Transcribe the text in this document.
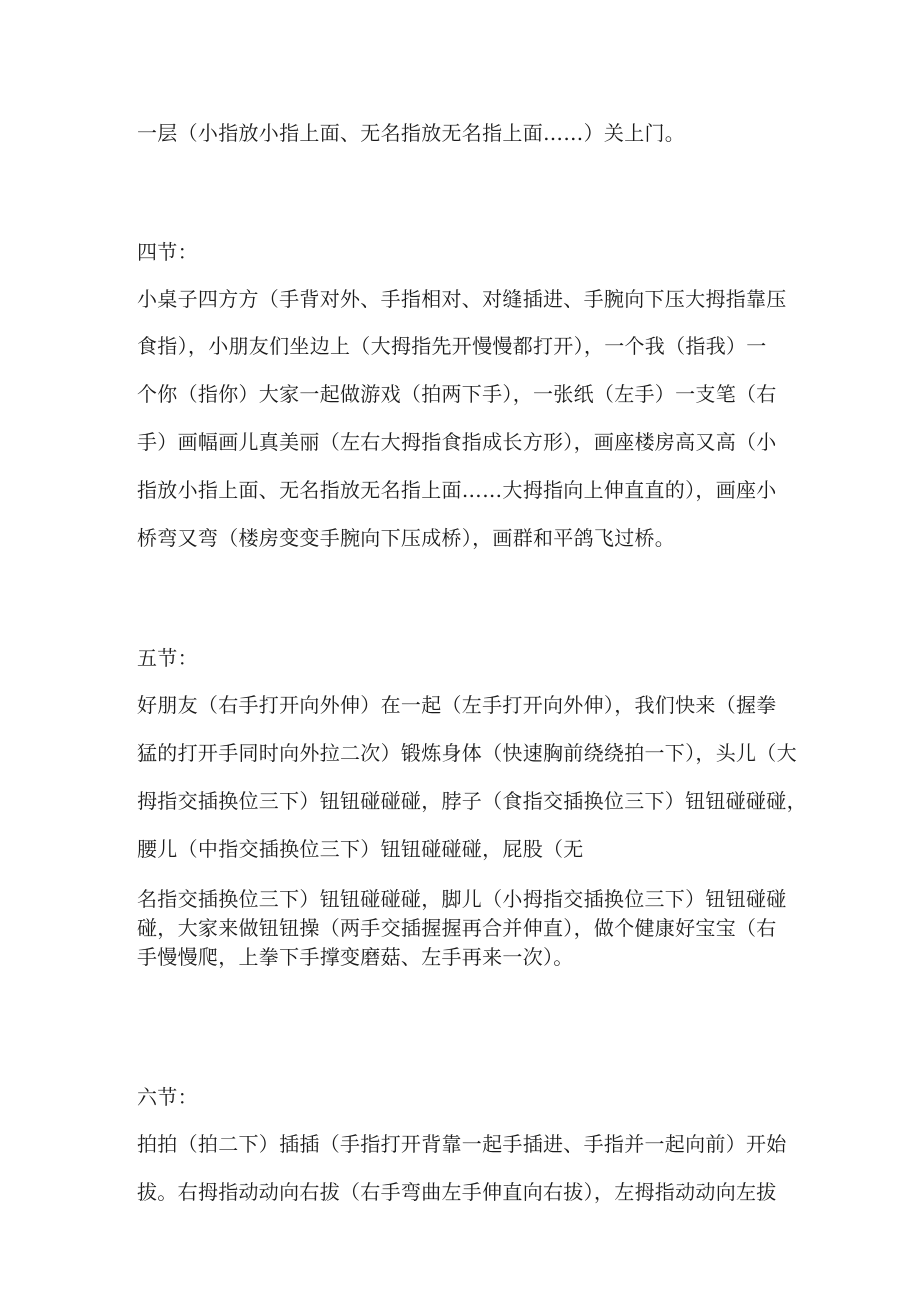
一层（小指放小指上面、无名指放无名指上面……）关上门。

四节：

小桌子四方方（手背对外、手指相对、对缝插进、手腕向下压大拇指靠压

食指），小朋友们坐边上（大拇指先开慢慢都打开），一个我（指我）一

个你（指你）大家一起做游戏（拍两下手），一张纸（左手）一支笔（右

手）画幅画儿真美丽（左右大拇指食指成长方形），画座楼房高又高（小

指放小指上面、无名指放无名指上面……大拇指向上伸直直的），画座小

桥弯又弯（楼房变变手腕向下压成桥），画群和平鸽飞过桥。

五节：

好朋友（右手打开向外伸）在一起（左手打开向外伸），我们快来（握拳

猛的打开手同时向外拉二次）锻炼身体（快速胸前绕绕拍一下），头儿（大

拇指交插换位三下）钮钮碰碰碰，脖子（食指交插换位三下）钮钮碰碰碰，

腰儿（中指交插换位三下）钮钮碰碰碰，屁股（无

名指交插换位三下）钮钮碰碰碰，脚儿（小拇指交插换位三下）钮钮碰碰

碰，大家来做钮钮操（两手交插握握再合并伸直），做个健康好宝宝（右

手慢慢爬，上拳下手撑变磨菇、左手再来一次）。

六节：

拍拍（拍二下）插插（手指打开背靠一起手插进、手指并一起向前）开始

拔。右拇指动动向右拔（右手弯曲左手伸直向右拔），左拇指动动向左拔
